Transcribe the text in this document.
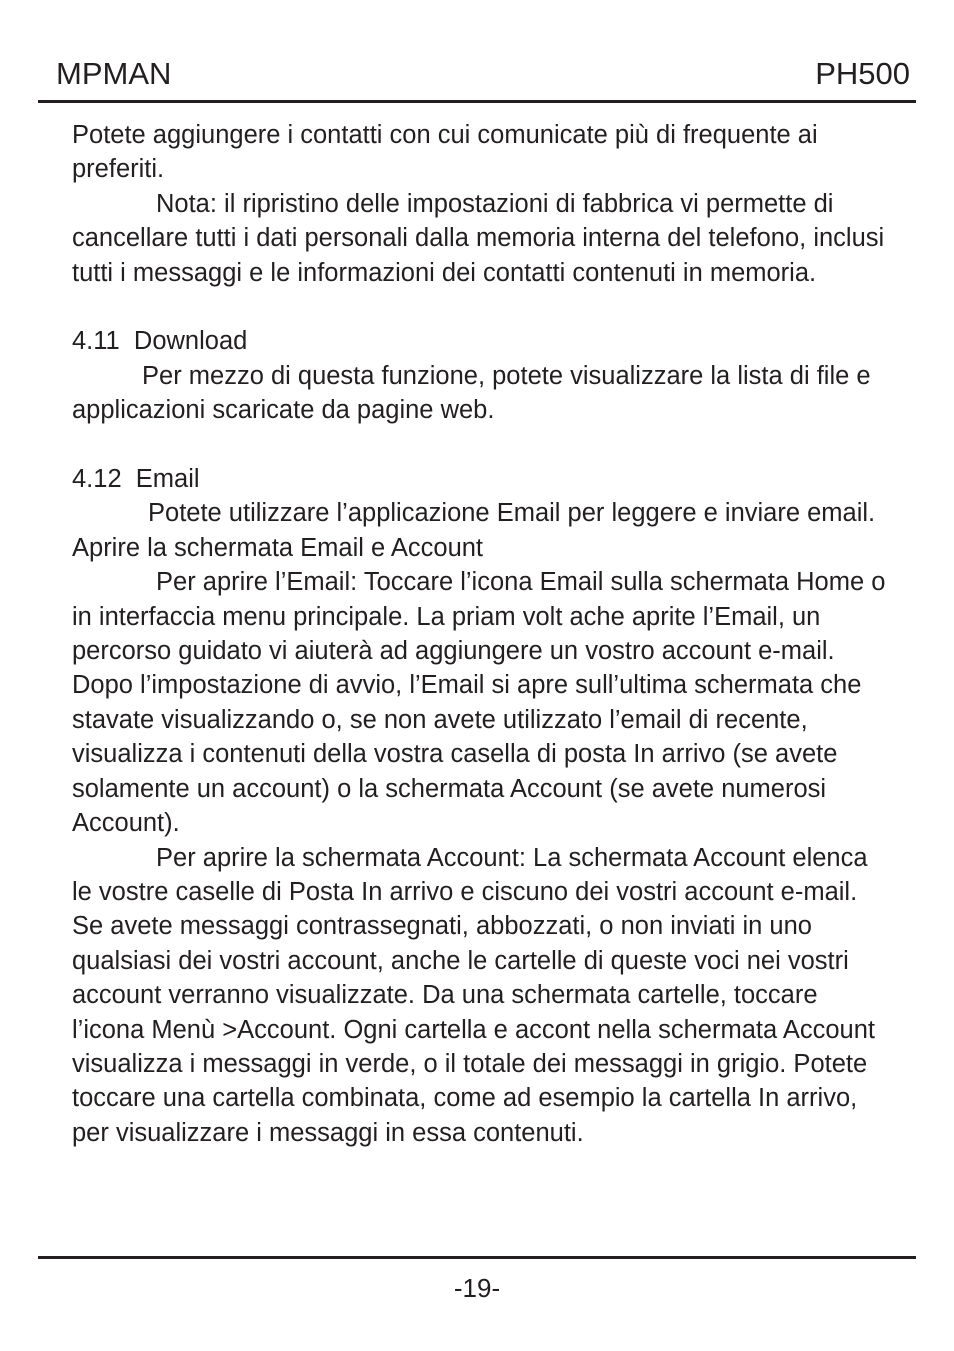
MPMAN	PH500

Potete aggiungere i contatti con cui comunicate più di frequente ai preferiti.

Nota: il ripristino delle impostazioni di fabbrica vi permette di cancellare tutti i dati personali dalla memoria interna del telefono, inclusi tutti i messaggi e le informazioni dei contatti contenuti in memoria.

4.11  Download

Per mezzo di questa funzione, potete visualizzare la lista di file e applicazioni scaricate da pagine web.

4.12  Email

Potete utilizzare l’applicazione Email per leggere e inviare email.

Aprire la schermata Email e Account

Per aprire l’Email: Toccare l’icona Email sulla schermata Home o in interfaccia menu principale. La priam volt ache aprite l’Email, un percorso guidato vi aiuterà ad aggiungere un vostro account e-mail. Dopo l’impostazione di avvio, l’Email si apre sull’ultima schermata che stavate visualizzando o, se non avete utilizzato l’email di recente, visualizza i contenuti della vostra casella di posta In arrivo (se avete solamente un account) o la schermata Account (se avete numerosi Account).

Per aprire la schermata Account: La schermata Account elenca le vostre caselle di Posta In arrivo e ciscuno dei vostri account e-mail. Se avete messaggi contrassegnati, abbozzati, o non inviati in uno qualsiasi dei vostri account, anche le cartelle di queste voci nei vostri account verranno visualizzate. Da una schermata cartelle, toccare l’icona Menù >Account. Ogni cartella e accont nella schermata Account visualizza i messaggi in verde, o il totale dei messaggi in grigio. Potete toccare una cartella combinata, come ad esempio la cartella In arrivo, per visualizzare i messaggi in essa contenuti.

-19-
